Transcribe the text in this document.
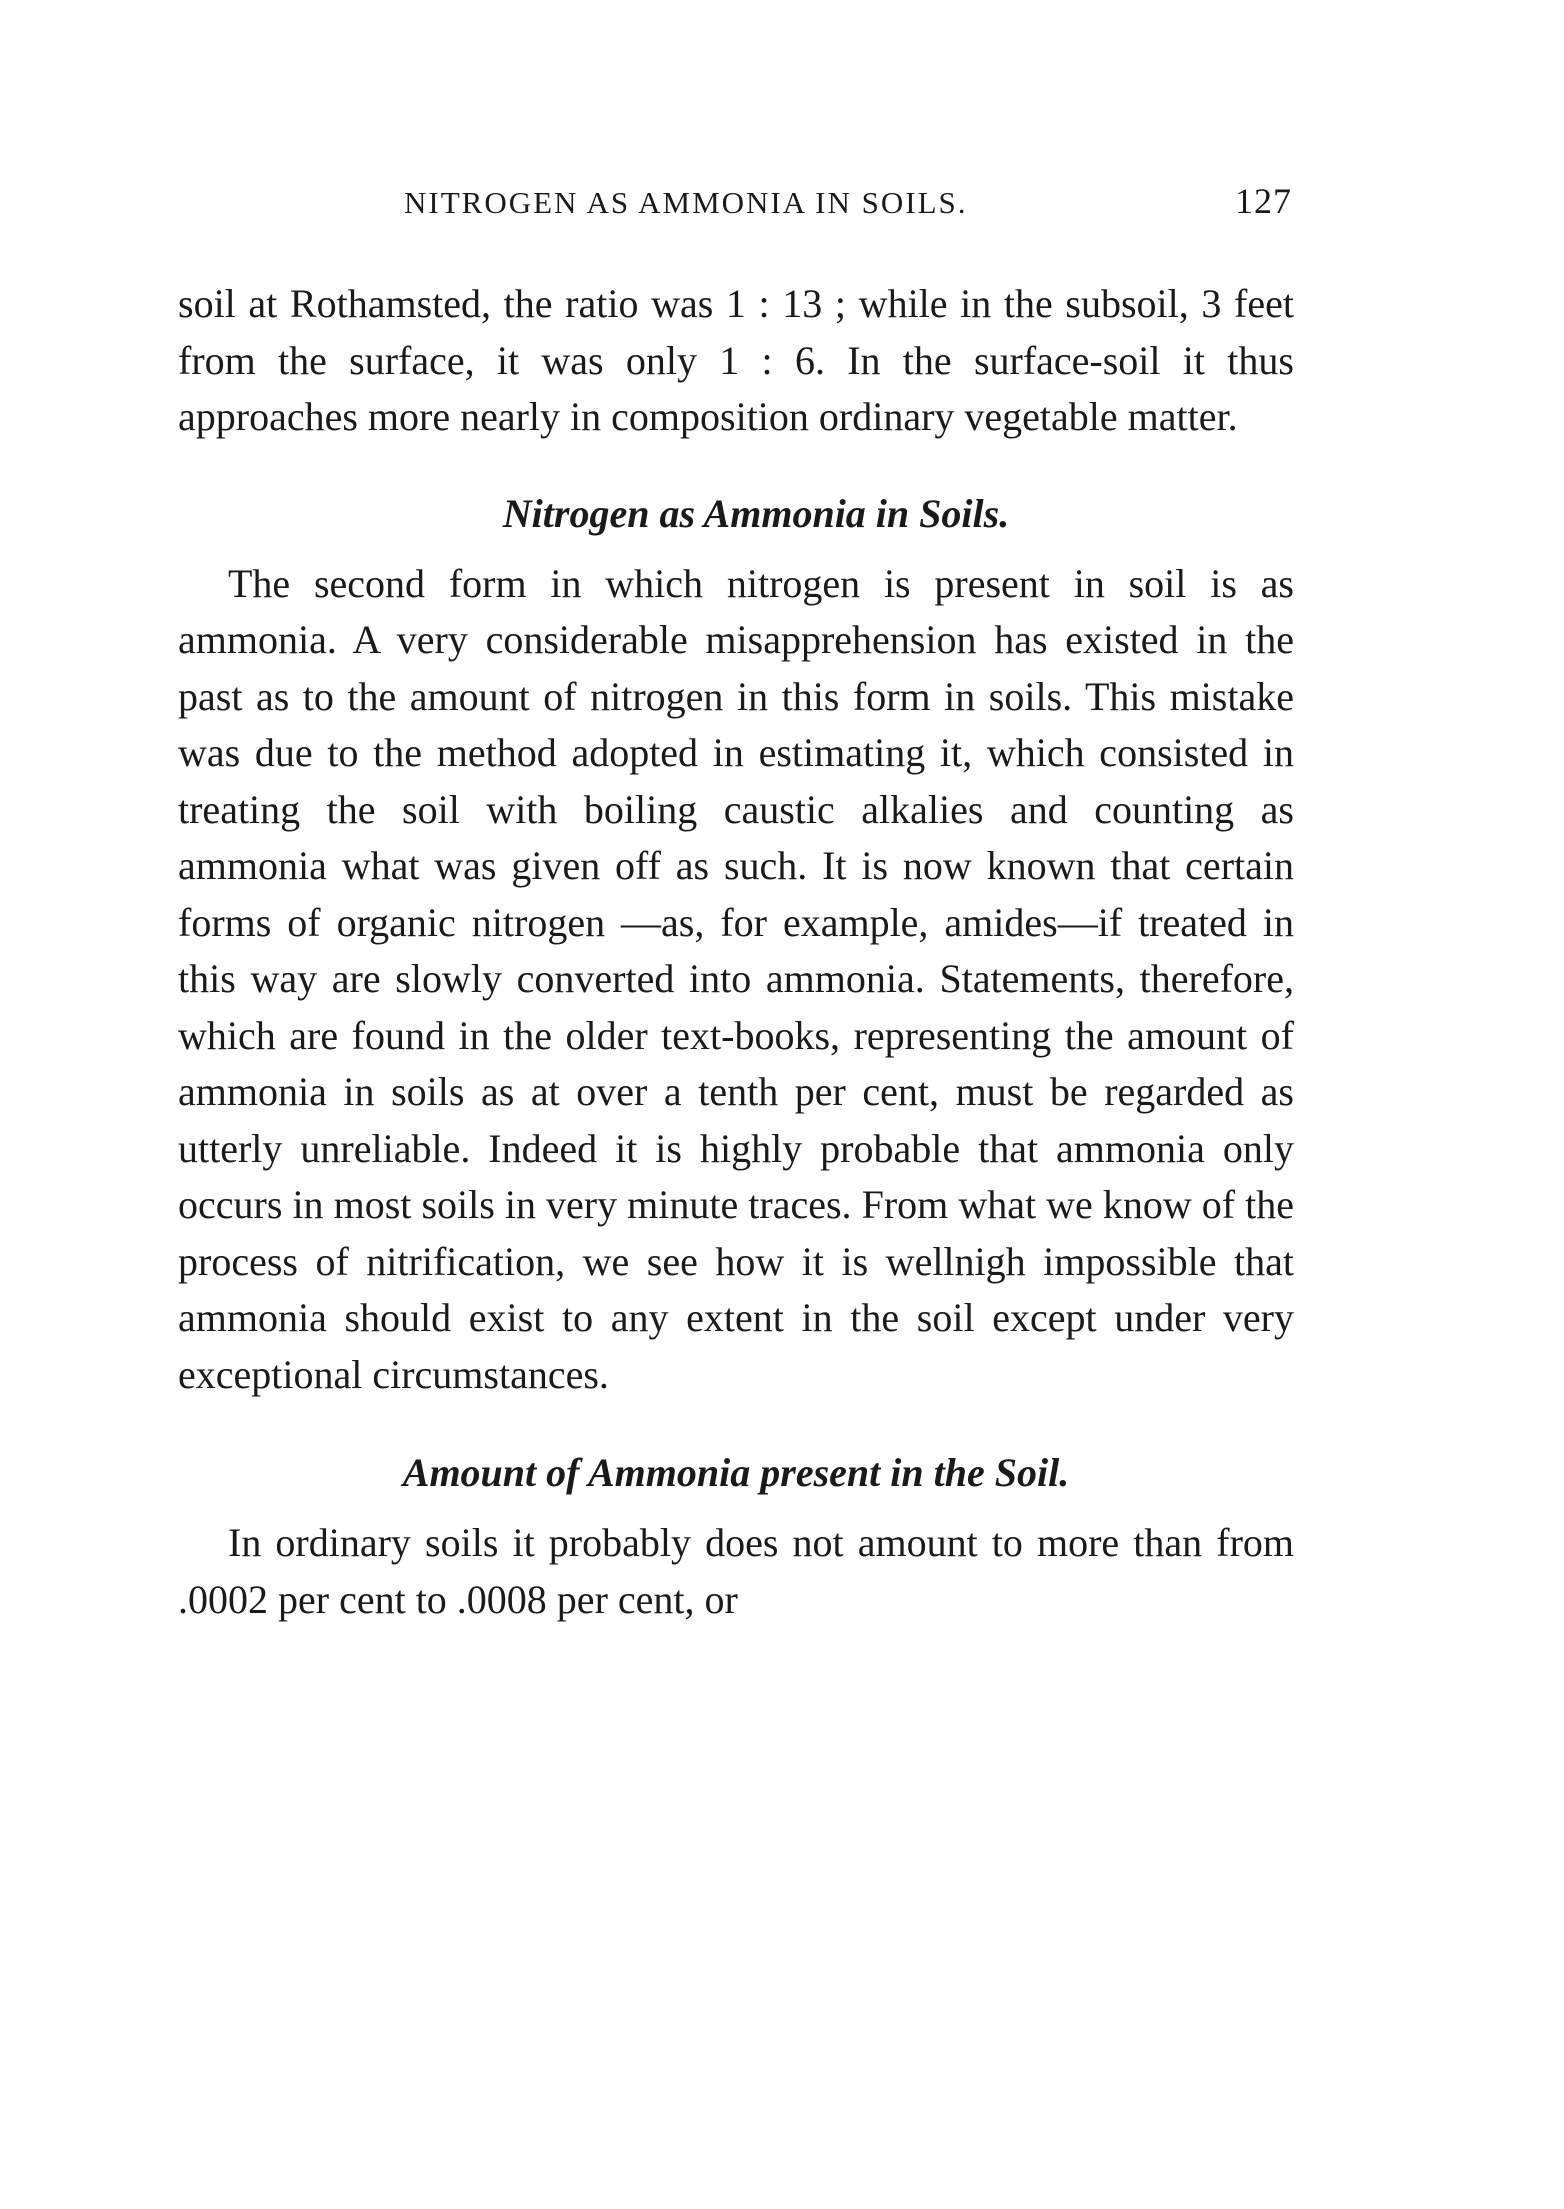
NITROGEN AS AMMONIA IN SOILS.	127

soil at Rothamsted, the ratio was 1 : 13 ; while in the subsoil, 3 feet from the surface, it was only 1 : 6. In the surface-soil it thus approaches more nearly in composition ordinary vegetable matter.

Nitrogen as Ammonia in Soils.

The second form in which nitrogen is present in soil is as ammonia. A very considerable misapprehension has existed in the past as to the amount of nitrogen in this form in soils. This mistake was due to the method adopted in estimating it, which consisted in treating the soil with boiling caustic alkalies and counting as ammonia what was given off as such. It is now known that certain forms of organic nitrogen —as, for example, amides—if treated in this way are slowly converted into ammonia. Statements, therefore, which are found in the older text-books, representing the amount of ammonia in soils as at over a tenth per cent, must be regarded as utterly unreliable. Indeed it is highly probable that ammonia only occurs in most soils in very minute traces. From what we know of the process of nitrification, we see how it is wellnigh impossible that ammonia should exist to any extent in the soil except under very exceptional circumstances.

Amount of Ammonia present in the Soil.

In ordinary soils it probably does not amount to more than from .0002 per cent to .0008 per cent, or
